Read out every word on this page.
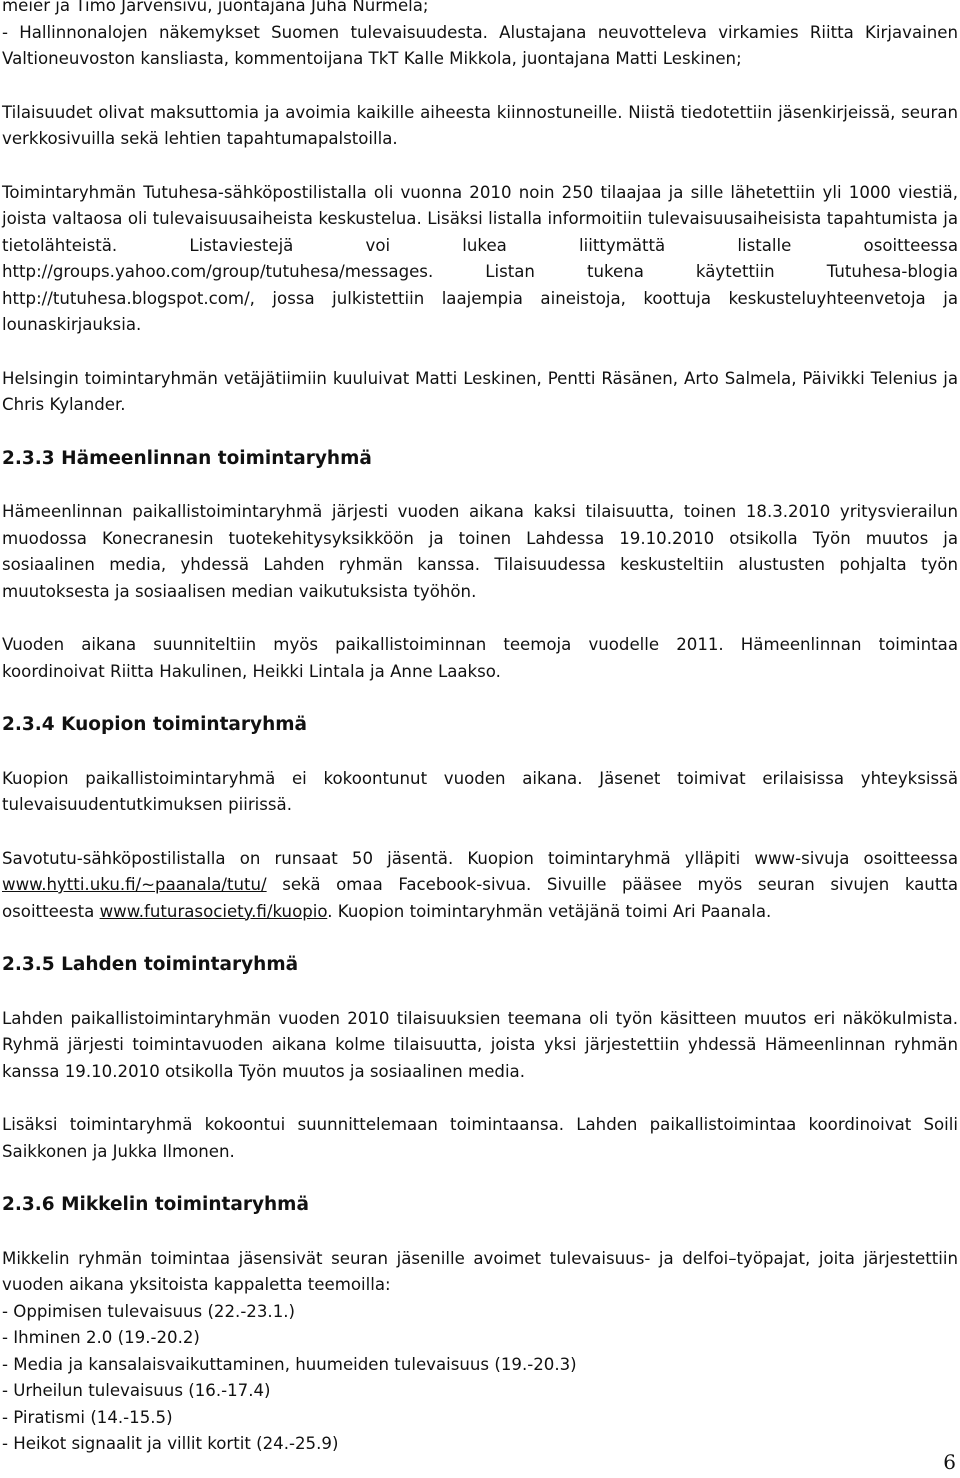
meier ja Timo Järvensivu, juontajana Juha Nurmela;
- Hallinnonalojen näkemykset Suomen tulevaisuudesta. Alustajana neuvotteleva virkamies Riitta Kirjavainen Valtioneuvoston kansliasta, kommentoijana TkT Kalle Mikkola, juontajana Matti Leskinen;

Tilaisuudet olivat maksuttomia ja avoimia kaikille aiheesta kiinnostuneille. Niistä tiedotettiin jäsenkirjeissä, seuran verkkosivuilla sekä lehtien tapahtumapalstoilla.

Toimintaryhmän Tutuhesa-sähköpostilistalla oli vuonna 2010 noin 250 tilaajaa ja sille lähetettiin yli 1000 viestiä, joista valtaosa oli tulevaisuusaiheista keskustelua. Lisäksi listalla informoitiin tulevaisuusaiheisista tapahtumista ja tietolähteistä. Listaviestejä voi lukea liittymättä listalle osoitteessa http://groups.yahoo.com/group/tutuhesa/messages. Listan tukena käytettiin Tutuhesa-blogia http://tutuhesa.blogspot.com/, jossa julkistettiin laajempia aineistoja, koottuja keskusteluyhteenvetoja ja lounaskirjauksia.

Helsingin toimintaryhmän vetäjätiimiin kuuluivat Matti Leskinen, Pentti Räsänen, Arto Salmela, Päivikki Telenius ja Chris Kylander.

2.3.3 Hämeenlinnan toimintaryhmä

Hämeenlinnan paikallistoimintaryhmä järjesti vuoden aikana kaksi tilaisuutta, toinen 18.3.2010 yritysvierailun muodossa Konecranesin tuotekehitysyksikköön ja toinen Lahdessa 19.10.2010 otsikolla Työn muutos ja sosiaalinen media, yhdessä Lahden ryhmän kanssa. Tilaisuudessa keskusteltiin alustusten pohjalta työn muutoksesta ja sosiaalisen median vaikutuksista työhön.

Vuoden aikana suunniteltiin myös paikallistoiminnan teemoja vuodelle 2011. Hämeenlinnan toimintaa koordinoivat Riitta Hakulinen, Heikki Lintala ja Anne Laakso.

2.3.4 Kuopion toimintaryhmä

Kuopion paikallistoimintaryhmä ei kokoontunut vuoden aikana. Jäsenet toimivat erilaisissa yhteyksissä tulevaisuudentutkimuksen piirissä.

Savotutu-sähköpostilistalla on runsaat 50 jäsentä. Kuopion toimintaryhmä ylläpiti www-sivuja osoitteessa www.hytti.uku.fi/~paanala/tutu/ sekä omaa Facebook-sivua. Sivuille pääsee myös seuran sivujen kautta osoitteesta www.futurasociety.fi/kuopio. Kuopion toimintaryhmän vetäjänä toimi Ari Paanala.

2.3.5 Lahden toimintaryhmä

Lahden paikallistoimintaryhmän vuoden 2010 tilaisuuksien teemana oli työn käsitteen muutos eri näkökulmista. Ryhmä järjesti toimintavuoden aikana kolme tilaisuutta, joista yksi järjestettiin yhdessä Hämeenlinnan ryhmän kanssa 19.10.2010 otsikolla Työn muutos ja sosiaalinen media.

Lisäksi toimintaryhmä kokoontui suunnittelemaan toimintaansa. Lahden paikallistoimintaa koordinoivat Soili Saikkonen ja Jukka Ilmonen.

2.3.6 Mikkelin toimintaryhmä

Mikkelin ryhmän toimintaa jäsensivät seuran jäsenille avoimet tulevaisuus- ja delfoi–työpajat, joita järjestettiin vuoden aikana yksitoista kappaletta teemoilla:

- Oppimisen tulevaisuus (22.-23.1.)
- Ihminen 2.0 (19.-20.2)
- Media ja kansalaisvaikuttaminen, huumeiden tulevaisuus (19.-20.3)
- Urheilun tulevaisuus (16.-17.4)
- Piratismi (14.-15.5)
- Heikot signaalit ja villit kortit (24.-25.9)
6
